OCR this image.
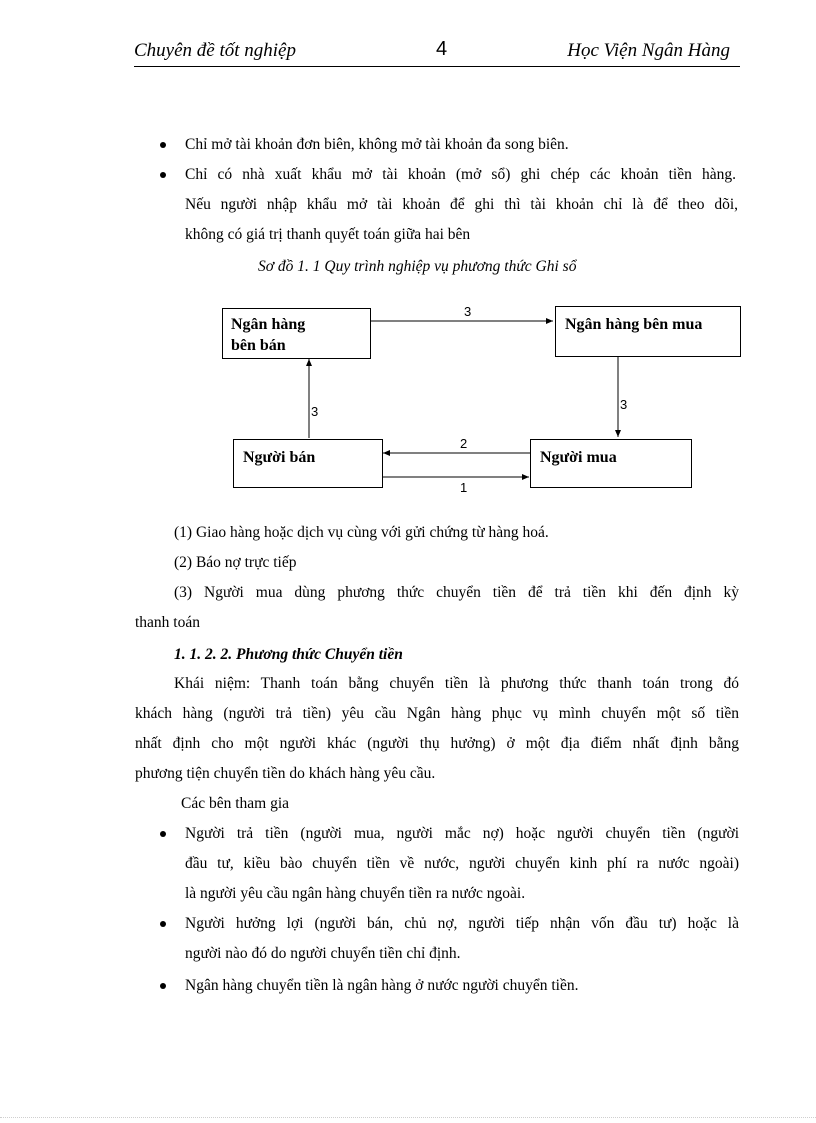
Chuyên đề tốt nghiệp	4	Học Viện Ngân Hàng
Chỉ mở tài khoản đơn biên, không mở tài khoản đa song biên.
Chỉ có nhà xuất khẩu mở tài khoản (mở sổ) ghi chép các khoản tiền hàng.
Nếu người nhập khẩu mở tài khoản để ghi thì tài khoản chỉ là để theo dõi,
không có giá trị thanh quyết toán giữa hai bên
Sơ đồ 1. 1 Quy trình nghiệp vụ phương thức Ghi sổ
Ngân hàng
bên bán
Ngân hàng bên mua
Người bán	Người mua
3
3	3
2
1
(1) Giao hàng hoặc dịch vụ cùng với gửi chứng từ hàng hoá.
(2) Báo nợ trực tiếp
(3) Người mua dùng phương thức chuyển tiền để trả tiền khi đến định kỳ
thanh toán
1. 1. 2. 2. Phương thức Chuyển tiền
Khái niệm: Thanh toán bằng chuyển tiền là phương thức thanh toán trong đó
khách hàng (người trả tiền) yêu cầu Ngân hàng phục vụ mình chuyển một số tiền
nhất định cho một người khác (người thụ hưởng) ở một địa điểm nhất định bằng
phương tiện chuyển tiền do khách hàng yêu cầu.
Các bên tham gia
Người trả tiền (người mua, người mắc nợ) hoặc người chuyển tiền (người
đầu tư, kiều bào chuyển tiền về nước, người chuyển kinh phí ra nước ngoài)
là người yêu cầu ngân hàng chuyển tiền ra nước ngoài.
Người hưởng lợi (người bán, chủ nợ, người tiếp nhận vốn đầu tư) hoặc là
người nào đó do người chuyển tiền chỉ định.
Ngân hàng chuyển tiền là ngân hàng ở nước người chuyển tiền.
